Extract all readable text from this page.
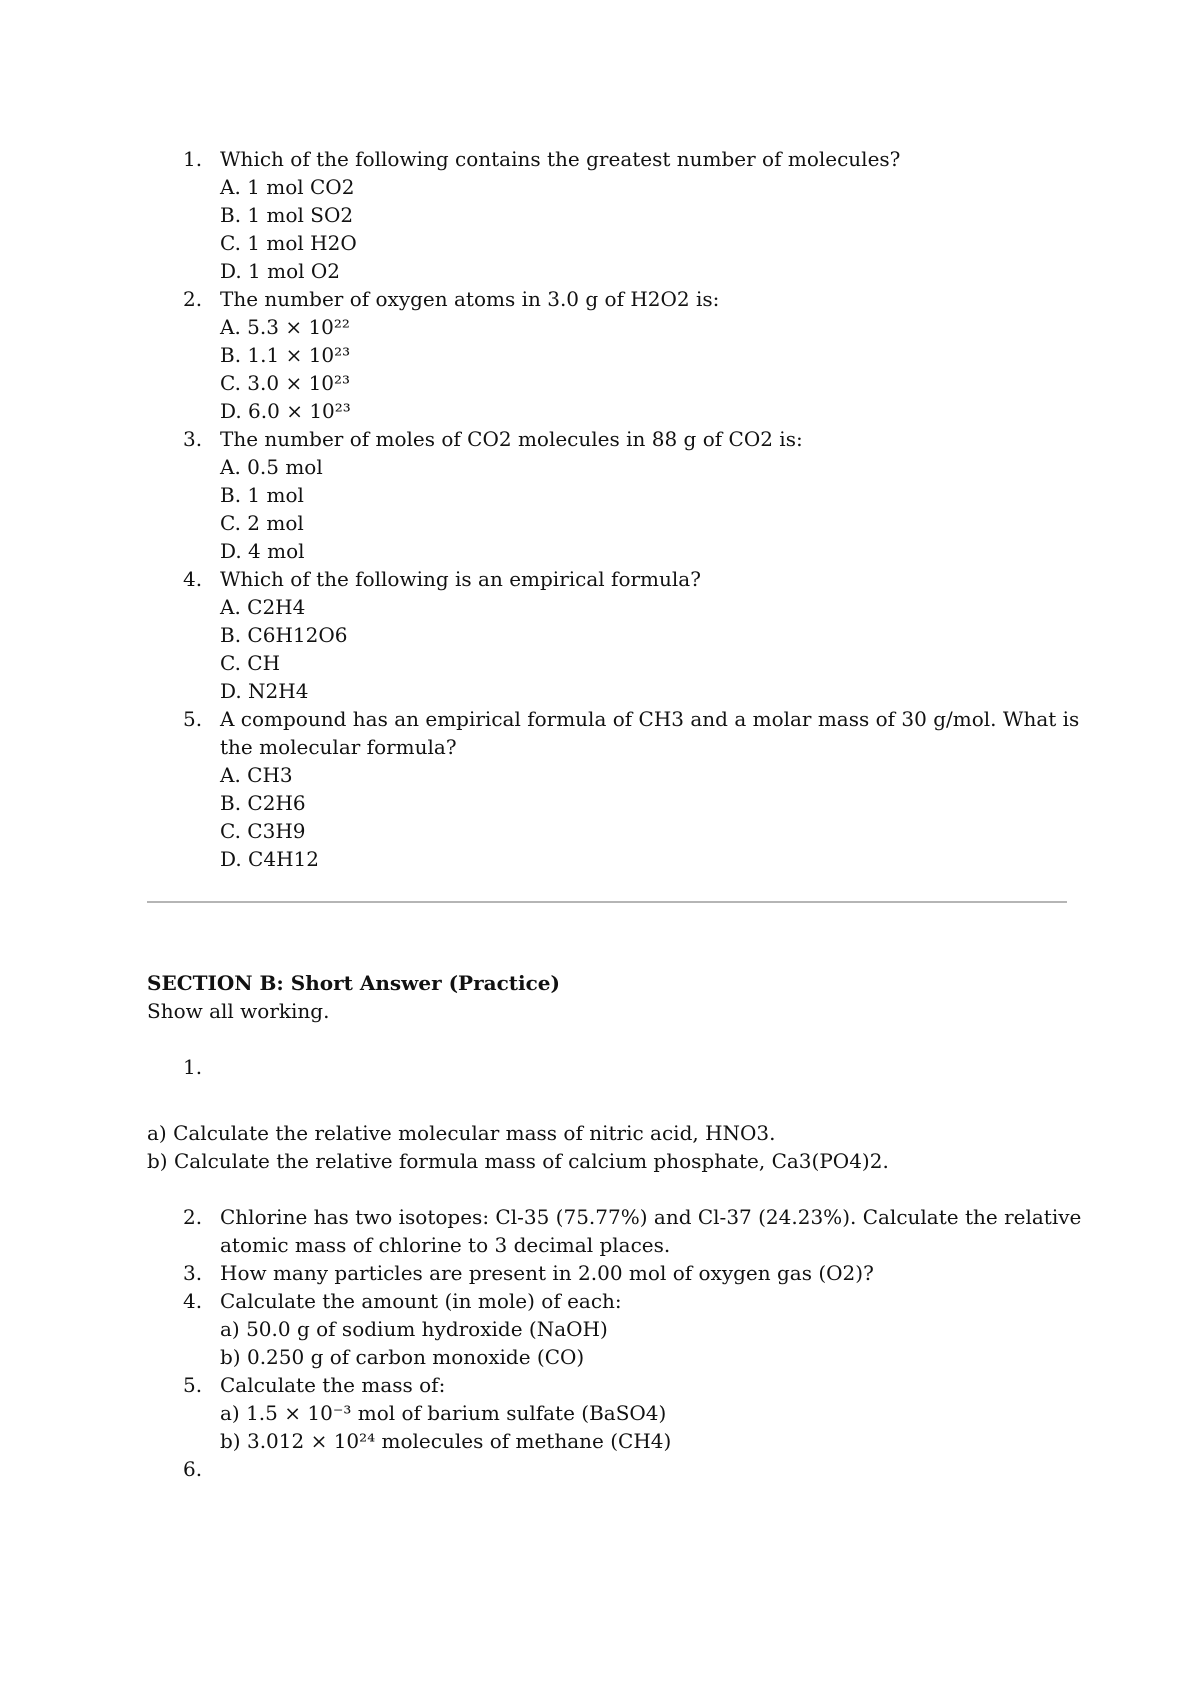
1. Which of the following contains the greatest number of molecules?
A. 1 mol CO2
B. 1 mol SO2
C. 1 mol H2O
D. 1 mol O2
2. The number of oxygen atoms in 3.0 g of H2O2 is:
A. 5.3 × 10²²
B. 1.1 × 10²³
C. 3.0 × 10²³
D. 6.0 × 10²³
3. The number of moles of CO2 molecules in 88 g of CO2 is:
A. 0.5 mol
B. 1 mol
C. 2 mol
D. 4 mol
4. Which of the following is an empirical formula?
A. C2H4
B. C6H12O6
C. CH
D. N2H4
5. A compound has an empirical formula of CH3 and a molar mass of 30 g/mol. What is
the molecular formula?
A. CH3
B. C2H6
C. C3H9
D. C4H12
SECTION B: Short Answer (Practice)
Show all working.
1.
a) Calculate the relative molecular mass of nitric acid, HNO3.
b) Calculate the relative formula mass of calcium phosphate, Ca3(PO4)2.
2. Chlorine has two isotopes: Cl-35 (75.77%) and Cl-37 (24.23%). Calculate the relative
atomic mass of chlorine to 3 decimal places.
3. How many particles are present in 2.00 mol of oxygen gas (O2)?
4. Calculate the amount (in mole) of each:
a) 50.0 g of sodium hydroxide (NaOH)
b) 0.250 g of carbon monoxide (CO)
5. Calculate the mass of:
a) 1.5 × 10⁻³ mol of barium sulfate (BaSO4)
b) 3.012 × 10²⁴ molecules of methane (CH4)
6.
